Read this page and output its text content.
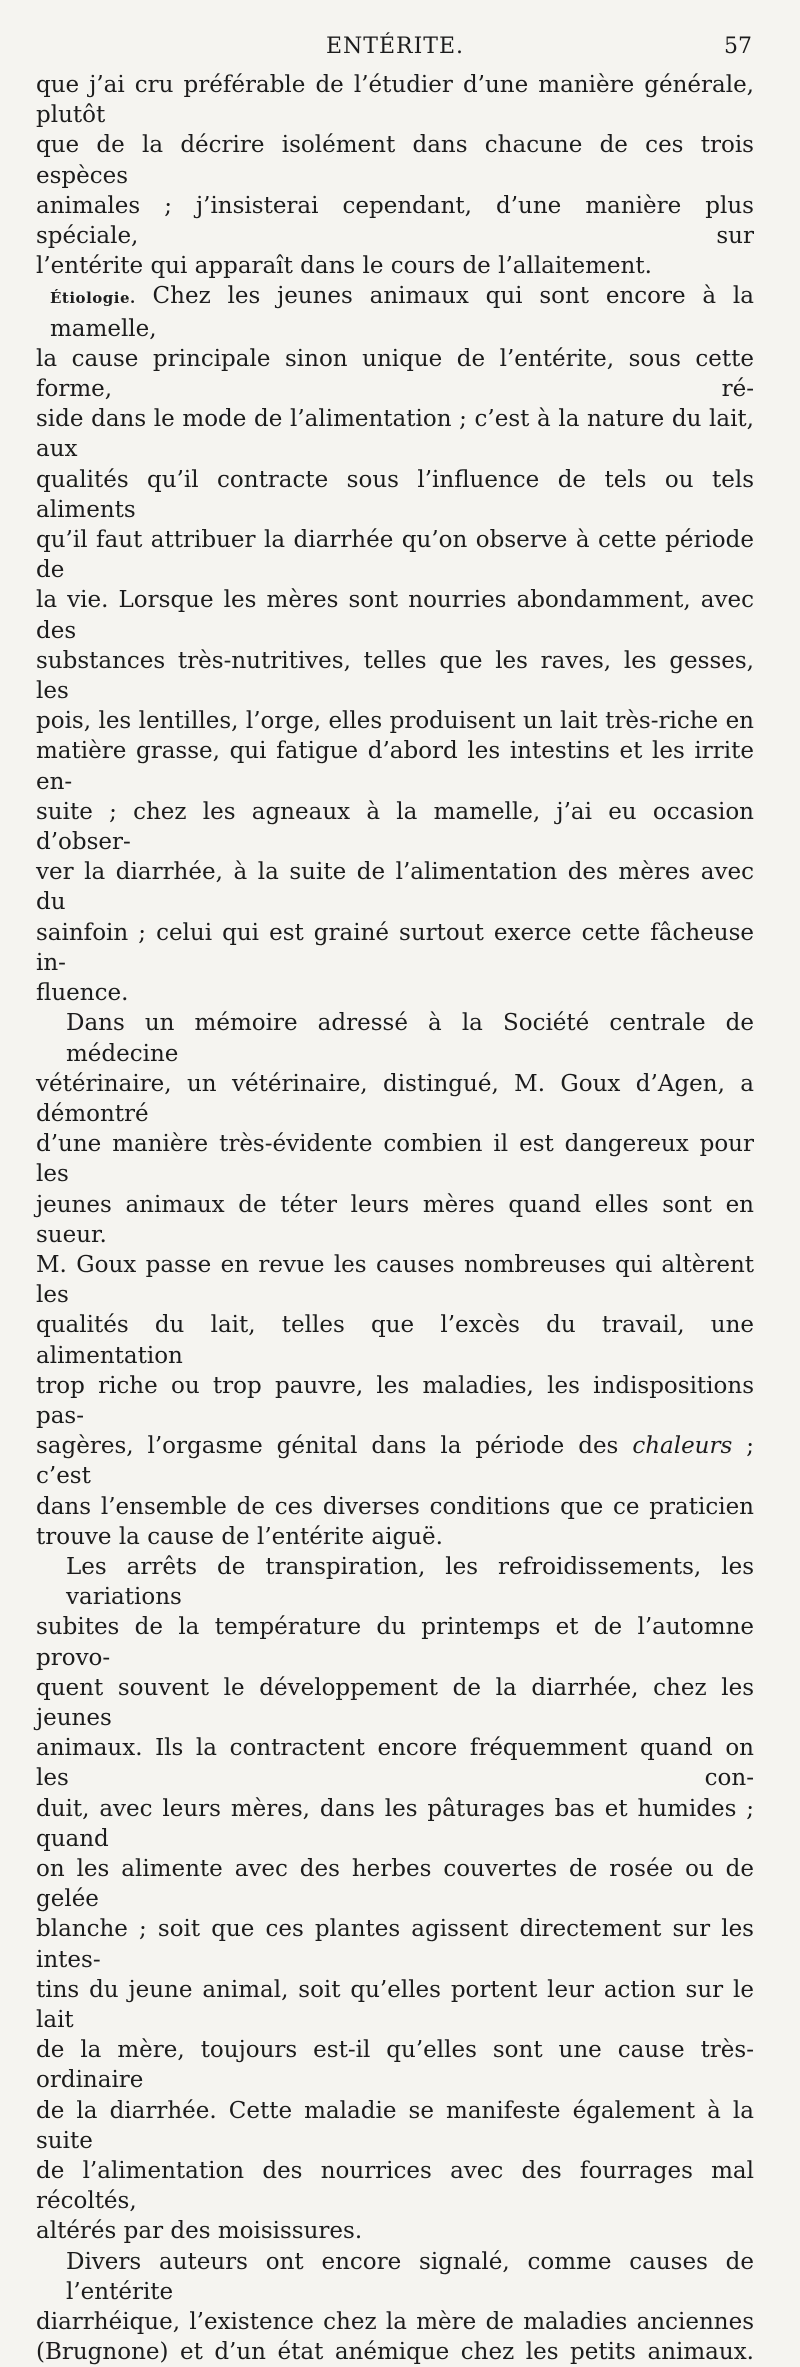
ENTÉRITE.	57
que j’ai cru préférable de l’étudier d’une manière générale, plutôt
que de la décrire isolément dans chacune de ces trois espèces
animales ; j’insisterai cependant, d’une manière plus spéciale, sur
l’entérite qui apparaît dans le cours de l’allaitement.
Étiologie. Chez les jeunes animaux qui sont encore à la mamelle,
la cause principale sinon unique de l’entérite, sous cette forme, ré-
side dans le mode de l’alimentation ; c’est à la nature du lait, aux
qualités qu’il contracte sous l’influence de tels ou tels aliments
qu’il faut attribuer la diarrhée qu’on observe à cette période de
la vie. Lorsque les mères sont nourries abondamment, avec des
substances très-nutritives, telles que les raves, les gesses, les
pois, les lentilles, l’orge, elles produisent un lait très-riche en
matière grasse, qui fatigue d’abord les intestins et les irrite en-
suite ; chez les agneaux à la mamelle, j’ai eu occasion d’obser-
ver la diarrhée, à la suite de l’alimentation des mères avec du
sainfoin ; celui qui est grainé surtout exerce cette fâcheuse in-
fluence.
Dans un mémoire adressé à la Société centrale de médecine
vétérinaire, un vétérinaire, distingué, M. Goux d’Agen, a démontré
d’une manière très-évidente combien il est dangereux pour les
jeunes animaux de téter leurs mères quand elles sont en sueur.
M. Goux passe en revue les causes nombreuses qui altèrent les
qualités du lait, telles que l’excès du travail, une alimentation
trop riche ou trop pauvre, les maladies, les indispositions pas-
sagères, l’orgasme génital dans la période des chaleurs ; c’est
dans l’ensemble de ces diverses conditions que ce praticien
trouve la cause de l’entérite aiguë.
Les arrêts de transpiration, les refroidissements, les variations
subites de la température du printemps et de l’automne provo-
quent souvent le développement de la diarrhée, chez les jeunes
animaux. Ils la contractent encore fréquemment quand on les con-
duit, avec leurs mères, dans les pâturages bas et humides ; quand
on les alimente avec des herbes couvertes de rosée ou de gelée
blanche ; soit que ces plantes agissent directement sur les intes-
tins du jeune animal, soit qu’elles portent leur action sur le lait
de la mère, toujours est-il qu’elles sont une cause très-ordinaire
de la diarrhée. Cette maladie se manifeste également à la suite
de l’alimentation des nourrices avec des fourrages mal récoltés,
altérés par des moisissures.
Divers auteurs ont encore signalé, comme causes de l’entérite
diarrhéique, l’existence chez la mère de maladies anciennes
(Brugnone) et d’un état anémique chez les petits animaux.
